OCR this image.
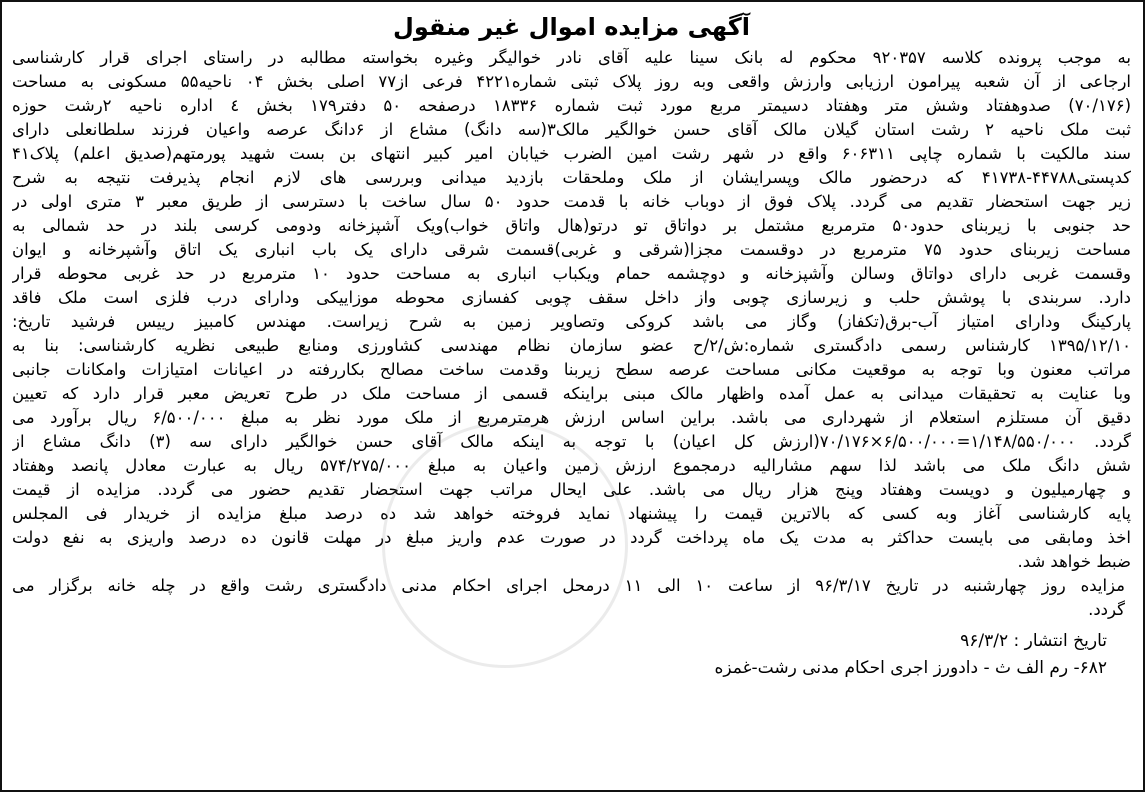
آگهی مزایده اموال غیر منقول
به موجب پرونده کلاسه ۹۲۰۳۵۷ محکوم له بانک سینا علیه آقای نادر خوالیگر وغیره بخواسته مطالبه در راستای اجرای قرار کارشناسی
ارجاعی از آن شعبه پیرامون ارزیابی وارزش واقعی وبه روز پلاک ثبتی شماره۴۲۲۱ فرعی از۷۷ اصلی بخش ۰۴ ناحیه۵۵ مسکونی به مساحت
(۷۰/۱۷۶) صدوهفتاد وشش متر وهفتاد دسیمتر مربع مورد ثبت شماره ۱۸۳۳۶ درصفحه ۵۰ دفتر۱۷۹ بخش ٤ اداره ناحیه ۲رشت حوزه
ثبت ملک ناحیه ۲ رشت استان گیلان مالک آقای حسن خوالگیر مالک۳(سه دانگ) مشاع از ۶دانگ عرصه واعیان فرزند سلطانعلی دارای
سند مالکیت با شماره چاپی ۶۰۶۳۱۱ واقع در شهر رشت امین الضرب خیابان امیر کبیر انتهای بن بست شهید پورمتهم(صدیق اعلم) پلاک۴۱
کدپستی۴۴۷۸۸-۴۱۷۳۸ که درحضور مالک وپسرایشان از ملک وملحقات بازدید میدانی وبررسی های لازم انجام پذیرفت نتیجه به شرح
زیر جهت استحضار تقدیم می گردد. پلاک فوق از دوباب خانه با قدمت حدود ۵۰ سال ساخت با دسترسی از طریق معبر ۳ متری اولی در
حد جنوبی با زیربنای حدود۵۰ مترمربع مشتمل بر دواتاق تو درتو(هال واتاق خواب)ویک آشپزخانه ودومی کرسی بلند در حد شمالی به
مساحت زیربنای حدود ۷۵ مترمربع در دوقسمت مجزا(شرقی و غربی)قسمت شرقی دارای یک باب انباری یک اتاق وآشپرخانه و ایوان
وقسمت غربی دارای دواتاق وسالن وآشپزخانه و دوچشمه حمام ویکباب انباری به مساحت حدود ۱۰ مترمربع در حد غربی محوطه قرار
دارد. سربندی با پوشش حلب و زیرسازی چوبی واز داخل سقف چوبی کفسازی محوطه موزاییکی ودارای درب فلزی است ملک فاقد
پارکینگ ودارای امتیاز آب-برق(تکفاز) وگاز می باشد کروکی وتصاویر زمین به شرح زیراست. مهندس کامبیز رییس فرشید تاریخ:
۱۳۹۵/۱۲/۱۰ کارشناس رسمی دادگستری شماره:ش/۲/ح عضو سازمان نظام مهندسی کشاورزی ومنابع طبیعی نظریه کارشناسی: بنا به
مراتب معنون وبا توجه به موقعیت مکانی مساحت عرصه سطح زیربنا وقدمت ساخت مصالح بکاررفته در اعیانات امتیازات وامکانات جانبی
وبا عنایت به تحقیقات میدانی به عمل آمده واظهار مالک مبنی براینکه قسمی از مساحت ملک در طرح تعریض معبر قرار دارد که تعیین
دقیق آن مستلزم استعلام از شهرداری می باشد. براین اساس ارزش هرمترمربع از ملک مورد نظر به مبلغ ۶/۵۰۰/۰۰۰ ریال برآورد می
گردد. ۱/۱۴۸/۵۵۰/۰۰۰=۶/۵۰۰/۰۰۰×۷۰/۱۷۶(ارزش کل اعیان) با توجه به اینکه مالک آقای حسن خوالگیر دارای سه (۳) دانگ مشاع از
شش دانگ ملک می باشد لذا سهم مشارالیه درمجموع ارزش زمین واعیان به مبلغ ۵۷۴/۲۷۵/۰۰۰ ریال به عبارت معادل پانصد وهفتاد
و چهارمیلیون و دویست وهفتاد وپنج هزار ریال می باشد. علی ایحال مراتب جهت استحضار تقدیم حضور می گردد. مزایده از قیمت
پایه کارشناسی آغاز وبه کسی که بالاترین قیمت را پیشنهاد نماید فروخته خواهد شد ده درصد مبلغ مزایده از خریدار فی المجلس
اخذ ومابقی می بایست حداکثر به مدت یک ماه پرداخت گردد در صورت عدم واریز مبلغ در مهلت قانون ده درصد واریزی به نفع دولت
ضبط خواهد شد.
مزایده روز چهارشنبه در تاریخ ۹۶/۳/۱۷ از ساعت ۱۰ الی ۱۱ درمحل اجرای احکام مدنی دادگستری رشت واقع در چله خانه برگزار می
گردد.
تاریخ انتشار : ۹۶/۳/۲
۶۸۲- رم الف ث - دادورز اجری احکام مدنی رشت-غمزه
